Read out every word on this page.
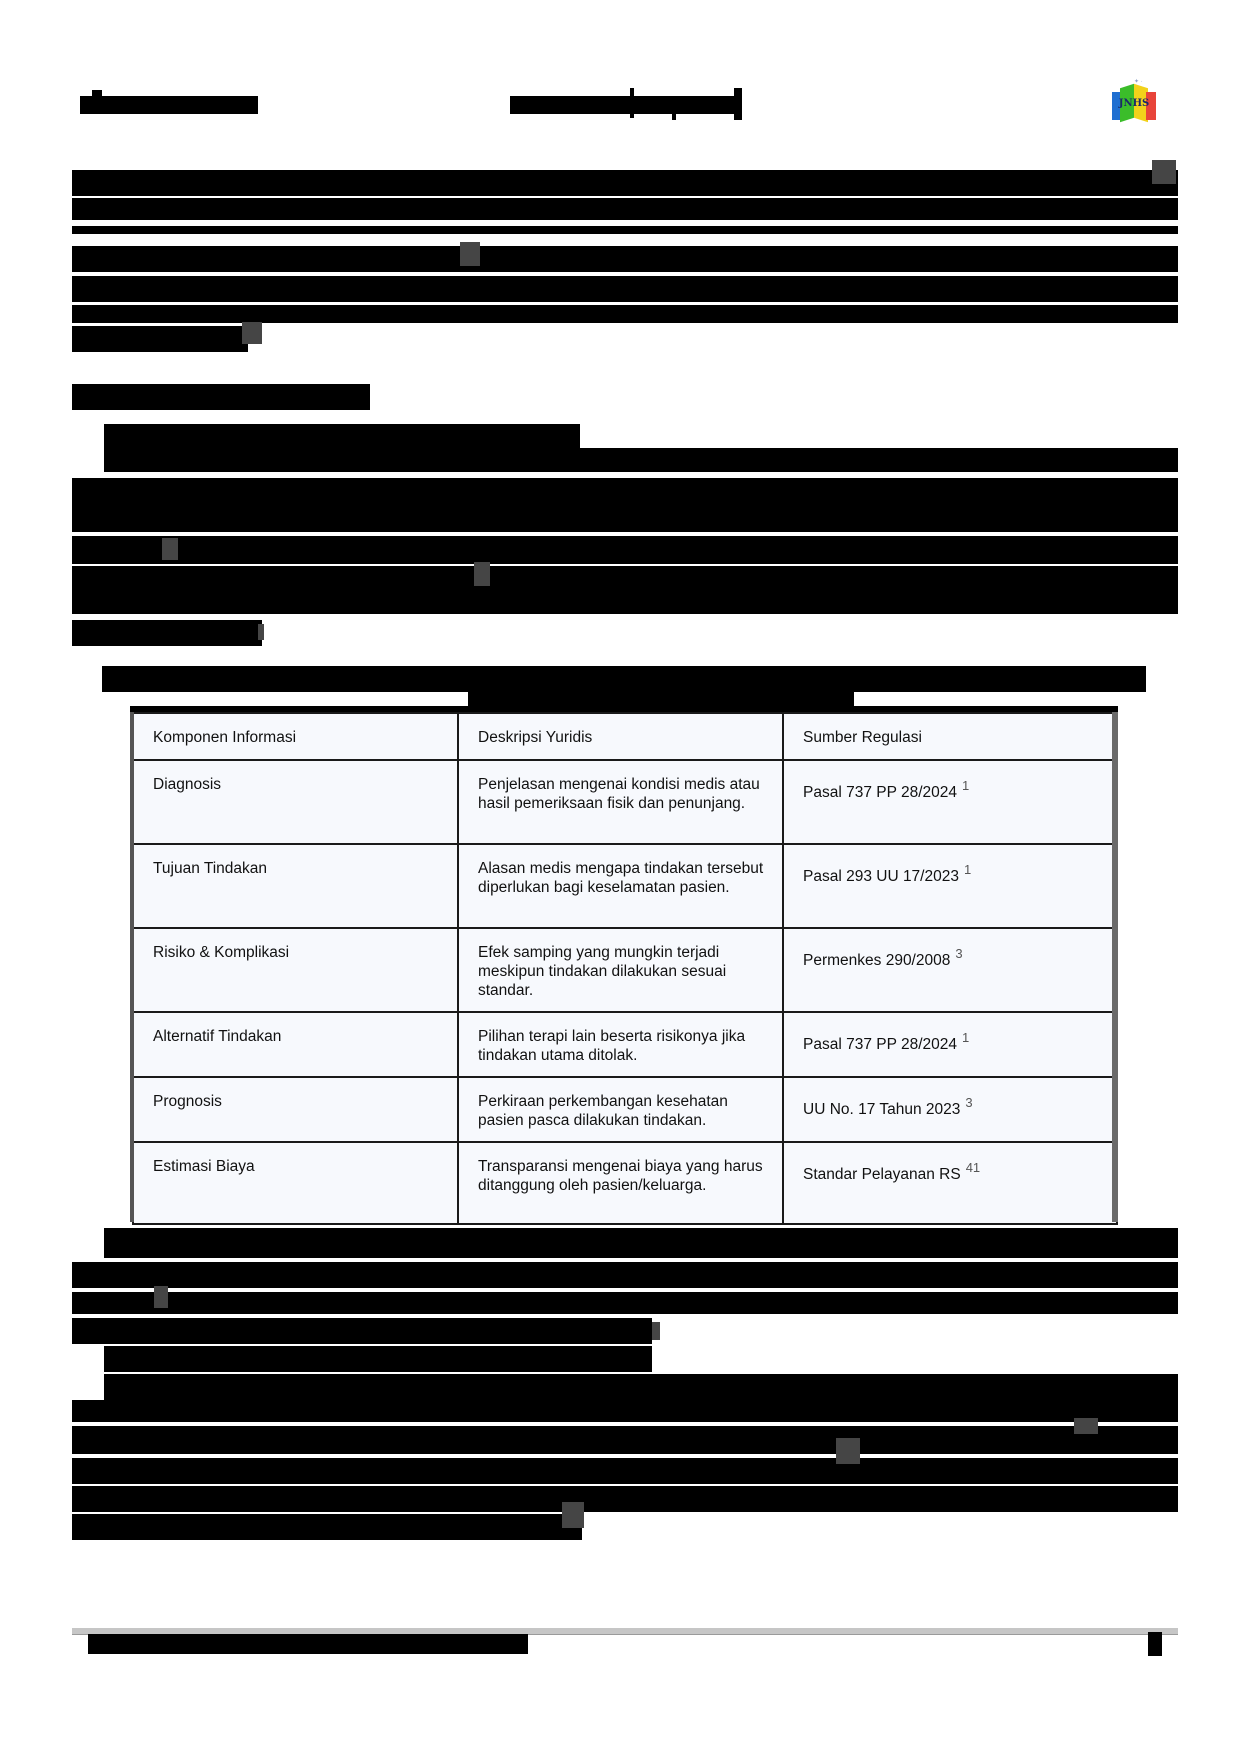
✦ ·
JNHS
Komponen Informasi	Deskripsi Yuridis	Sumber Regulasi
Diagnosis	Penjelasan mengenai kondisi medis atau hasil pemeriksaan fisik dan penunjang.	Pasal 737 PP 28/2024 $^1$
Tujuan Tindakan	Alasan medis mengapa tindakan tersebut diperlukan bagi keselamatan pasien.	Pasal 293 UU 17/2023 $^1$
Risiko & Komplikasi	Efek samping yang mungkin terjadi meskipun tindakan dilakukan sesuai standar.	Permenkes 290/2008 $^3$
Alternatif Tindakan	Pilihan terapi lain beserta risikonya jika tindakan utama ditolak.	Pasal 737 PP 28/2024 $^1$
Prognosis	Perkiraan perkembangan kesehatan pasien pasca dilakukan tindakan.	UU No. 17 Tahun 2023 $^3$
Estimasi Biaya	Transparansi mengenai biaya yang harus ditanggung oleh pasien/keluarga.	Standar Pelayanan RS $^{41}$
